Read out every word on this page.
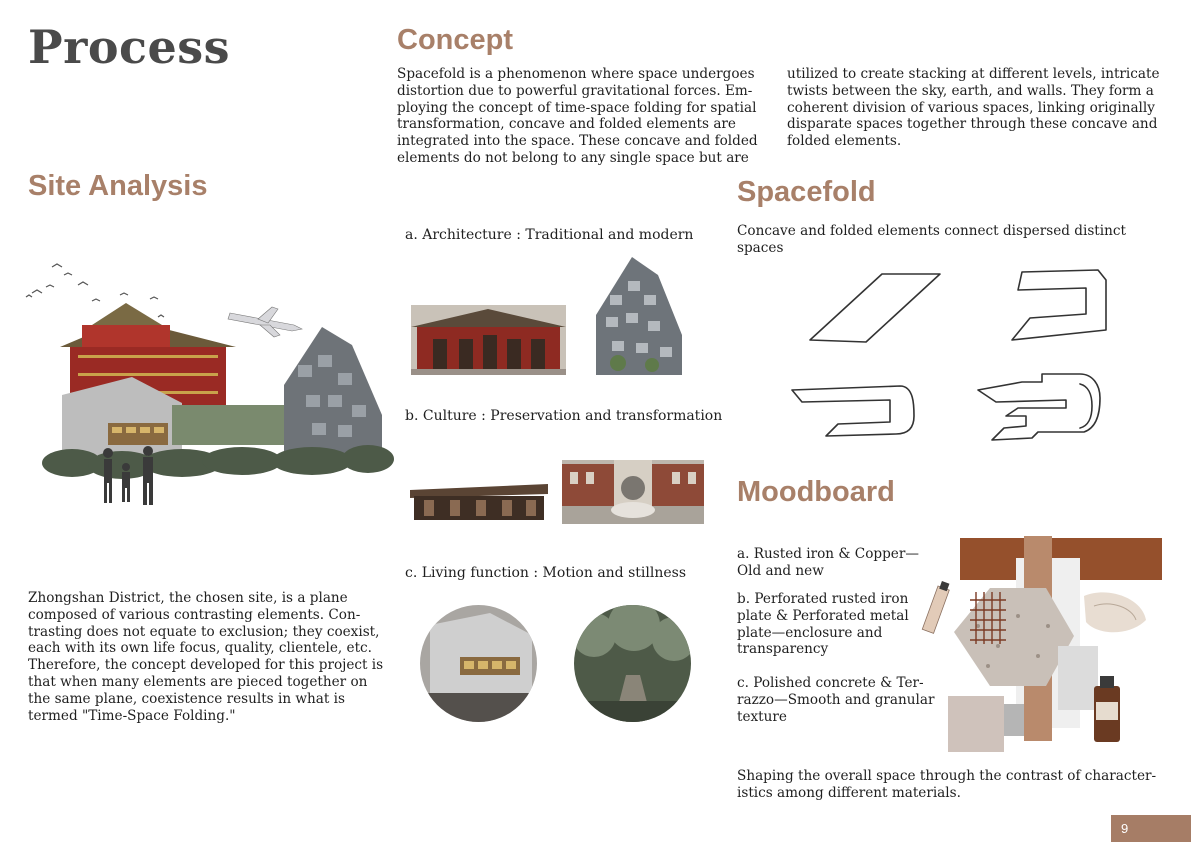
Process	Concept
Spacefold is a phenomenon where space undergoes distortion due to powerful gravitational forces. Em-ploying the concept of time-space folding for spatial transformation, concave and folded elements are integrated into the space. These concave and folded elements do not belong to any single space but are
utilized to create stacking at different levels, intricate twists between the sky, earth, and walls. They form a coherent division of various spaces, linking originally disparate spaces together through these concave and folded elements.
Site Analysis
Zhongshan District, the chosen site, is a plane composed of various contrasting elements. Con-trasting does not equate to exclusion; they coexist, each with its own life focus, quality, clientele, etc. Therefore, the concept developed for this project is that when many elements are pieced together on the same plane, coexistence results in what is termed "Time-Space Folding."
a. Architecture : Traditional and modern
b. Culture : Preservation and transformation
c. Living function : Motion and stillness
Spacefold
Concave and folded elements connect dispersed distinct spaces
Moodboard
a. Rusted iron & Copper—Old and new
b. Perforated rusted iron plate & Perforated metal plate—enclosure and transparency
c. Polished concrete & Ter-razzo—Smooth and granular texture
Shaping the overall space through the contrast of character-istics among different materials.
9
